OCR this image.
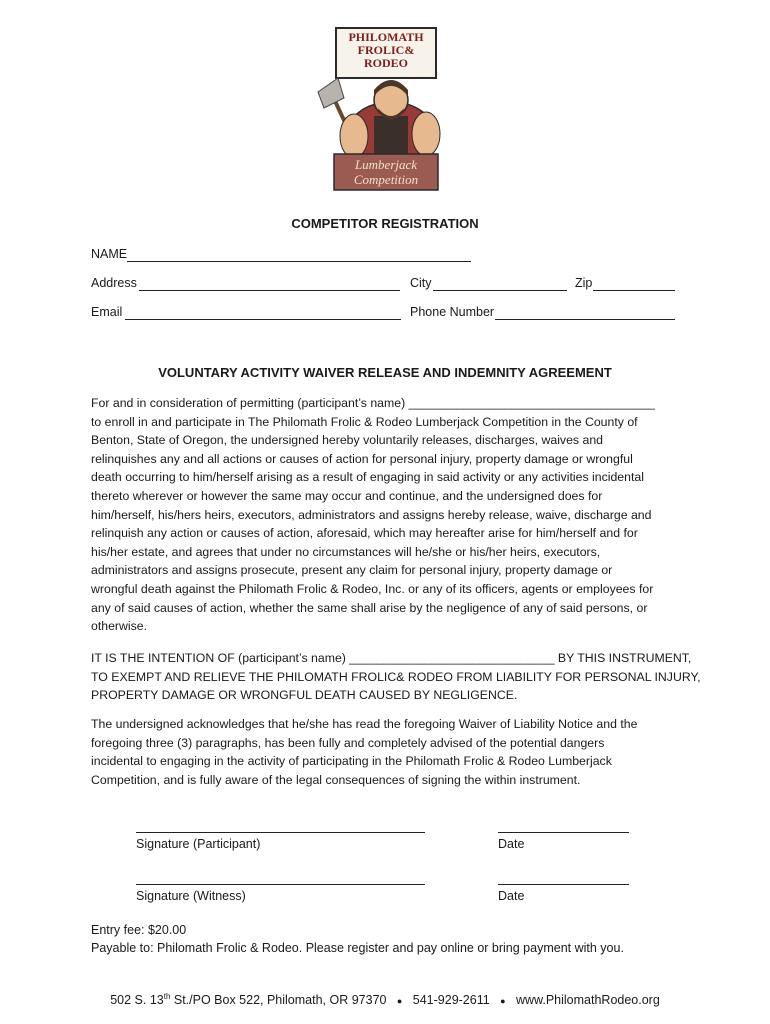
PHILOMATH
FROLIC&
RODEO
Lumberjack
Competition
COMPETITOR REGISTRATION
NAME
Address	City	Zip
Email	Phone Number
VOLUNTARY ACTIVITY WAIVER RELEASE AND INDEMNITY AGREEMENT
For and in consideration of permitting (participant’s name) ____________________________________
to enroll in and participate in The Philomath Frolic & Rodeo Lumberjack Competition in the County of
Benton, State of Oregon, the undersigned hereby voluntarily releases, discharges, waives and
relinquishes any and all actions or causes of action for personal injury, property damage or wrongful
death occurring to him/herself arising as a result of engaging in said activity or any activities incidental
thereto wherever or however the same may occur and continue, and the undersigned does for
him/herself, his/hers heirs, executors, administrators and assigns hereby release, waive, discharge and
relinquish any action or causes of action, aforesaid, which may hereafter arise for him/herself and for
his/her estate, and agrees that under no circumstances will he/she or his/her heirs, executors,
administrators and assigns prosecute, present any claim for personal injury, property damage or
wrongful death against the Philomath Frolic & Rodeo, Inc. or any of its officers, agents or employees for
any of said causes of action, whether the same shall arise by the negligence of any of said persons, or
otherwise.
IT IS THE INTENTION OF (participant’s name) ______________________________ BY THIS INSTRUMENT,
TO EXEMPT AND RELIEVE THE PHILOMATH FROLIC& RODEO FROM LIABILITY FOR PERSONAL INJURY,
PROPERTY DAMAGE OR WRONGFUL DEATH CAUSED BY NEGLIGENCE.
The undersigned acknowledges that he/she has read the foregoing Waiver of Liability Notice and the
foregoing three (3) paragraphs, has been fully and completely advised of the potential dangers
incidental to engaging in the activity of participating in the Philomath Frolic & Rodeo Lumberjack
Competition, and is fully aware of the legal consequences of signing the within instrument.
Signature (Participant)	Date
Signature (Witness)	Date
Entry fee: $20.00
Payable to: Philomath Frolic & Rodeo. Please register and pay online or bring payment with you.
502 S. 13th St./PO Box 522, Philomath, OR 97370 ● 541-929-2611 ● www.PhilomathRodeo.org
